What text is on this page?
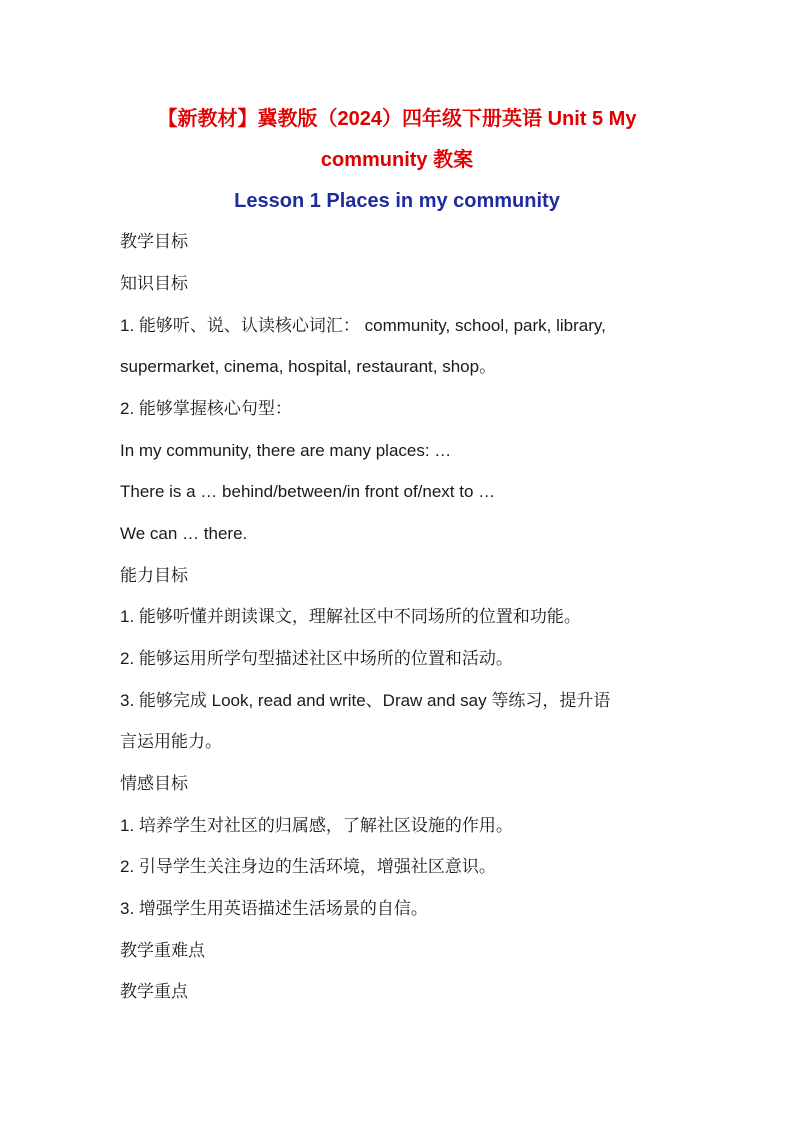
【新教材】冀教版（2024）四年级下册英语 Unit 5 My
community 教案
Lesson 1 Places in my community
教学目标
知识目标
1. 能够听、说、认读核心词汇： community, school, park, library,
supermarket, cinema, hospital, restaurant, shop。
2. 能够掌握核心句型：
In my community, there are many places: …
There is a … behind/between/in front of/next to …
We can … there.
能力目标
1. 能够听懂并朗读课文，理解社区中不同场所的位置和功能。
2. 能够运用所学句型描述社区中场所的位置和活动。
3. 能够完成 Look, read and write、Draw and say 等练习，提升语
言运用能力。
情感目标
1. 培养学生对社区的归属感，了解社区设施的作用。
2. 引导学生关注身边的生活环境，增强社区意识。
3. 增强学生用英语描述生活场景的自信。
教学重难点
教学重点
